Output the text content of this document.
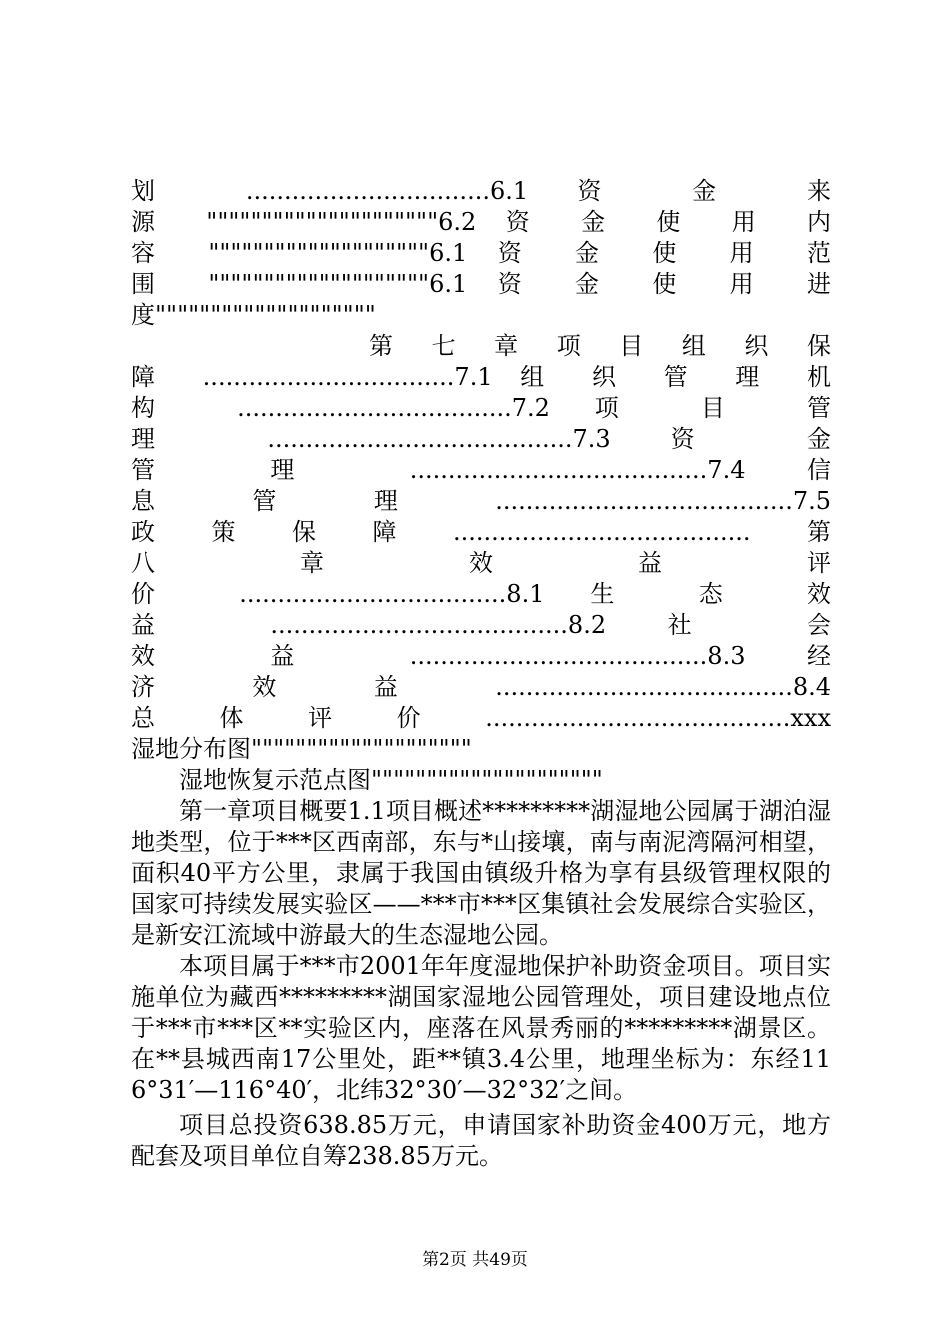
划 ................................6.1 资 金 来
源 """""""""""""""""""""6.2 资 金 使 用 内
容 """"""""""""""""""""6.1 资 金 使 用 范
围 """"""""""""""""""""6.1 资 金 使 用 进
度""""""""""""""""""""
第 七 章 项 目 组 织 保
障 .................................7.1 组 织 管 理 机
构 ....................................7.2 项 目 管
理 ........................................7.3 资 金
管 理 .......................................7.4 信
息 管 理 .......................................7.5
政策保障.......................................第
八 章 效 益 评
价 ...................................8.1 生 态 效
益 .......................................8.2 社 会
效 益 .......................................8.3 经
济 效 益 .......................................8.4
总体评价........................................xxx
湿地分布图""""""""""""""""""""
湿地恢复示范点图"""""""""""""""""""""

第一章项目概要1.1项目概述*********湖湿地公园属于湖泊湿地类型，位于***区西南部，东与*山接壤，南与南泥湾隔河相望，面积40平方公里，隶属于我国由镇级升格为享有县级管理权限的国家可持续发展实验区——***市***区集镇社会发展综合实验区，是新安江流域中游最大的生态湿地公园。

本项目属于***市2001年年度湿地保护补助资金项目。项目实施单位为藏西*********湖国家湿地公园管理处，项目建设地点位于***市***区**实验区内，座落在风景秀丽的*********湖景区。在**县城西南17公里处，距**镇3.4公里，地理坐标为：东经116°31′—116°40′，北纬32°30′—32°32′之间。

项目总投资638.85万元，申请国家补助资金400万元，地方配套及项目单位自筹238.85万元。

第2页 共49页
